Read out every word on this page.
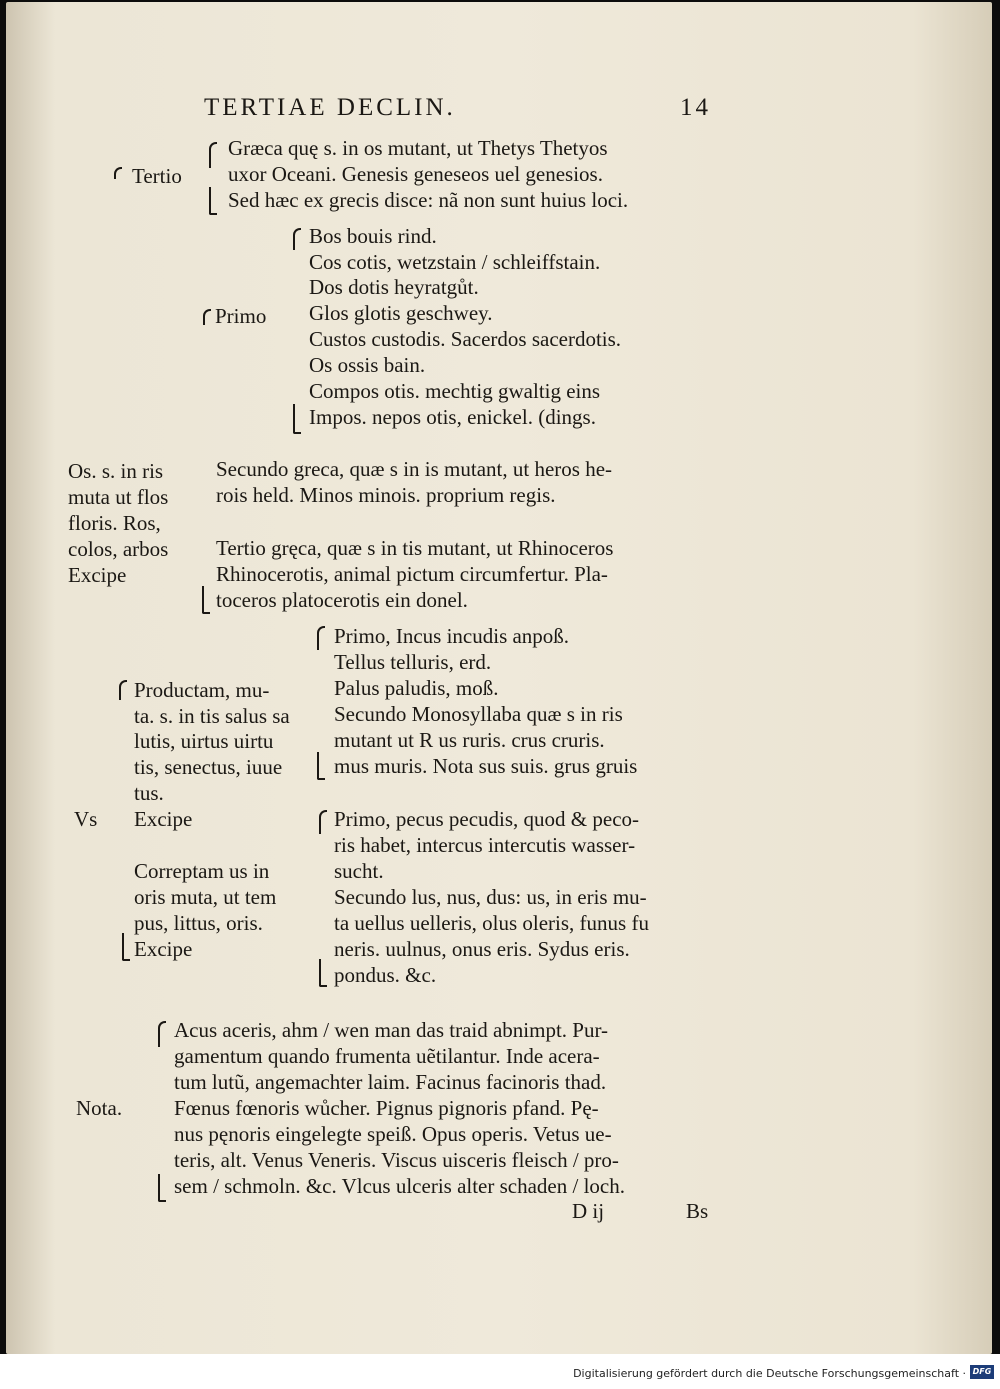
TERTIAE DECLIN.	14
Tertio
Græca quę s. in os mutant, ut Thetys Thetyos
uxor Oceani. Genesis geneseos uel genesios.
Sed hæc ex grecis disce: nã non sunt huius loci.
Primo
Bos bouis rind.
Cos cotis, wetzstain / schleiffstain.
Dos dotis heyratgůt.
Glos glotis geschwey.
Custos custodis. Sacerdos sacerdotis.
Os ossis bain.
Compos otis. mechtig gwaltig eins
Impos. nepos otis, enickel. (dings.
Os. s. in ris
muta ut flos
floris. Ros,
colos, arbos
Excipe
Secundo greca, quæ s in is mutant, ut heros he-
rois held. Minos minois. proprium regis.
Tertio gręca, quæ s in tis mutant, ut Rhinoceros
Rhinocerotis, animal pictum circumfertur. Pla-
toceros platocerotis ein donel.
Productam, mu-
ta. s. in tis salus sa
lutis, uirtus uirtu
tis, senectus, iuue
tus.
Vs Excipe
Correptam us in
oris muta, ut tem
pus, littus, oris.
Excipe
Primo, Incus incudis anpoß.
Tellus telluris, erd.
Palus paludis, moß.
Secundo Monosyllaba quæ s in ris
mutant ut R us ruris. crus cruris.
mus muris. Nota sus suis. grus gruis
Primo, pecus pecudis, quod & peco-
ris habet, intercus intercutis wasser-
sucht.
Secundo lus, nus, dus: us, in eris mu-
ta uellus uelleris, olus oleris, funus fu
neris. uulnus, onus eris. Sydus eris.
pondus. &c.
Nota.
Acus aceris, ahm / wen man das traid abnimpt. Pur-
gamentum quando frumenta uẽtilantur. Inde acera-
tum lutũ, angemachter laim. Facinus facinoris thad.
Fœnus fœnoris wůcher. Pignus pignoris pfand. Pę-
nus pęnoris eingelegte speiß. Opus operis. Vetus ue-
teris, alt. Venus Veneris. Viscus uisceris fleisch / pro-
sem / schmoln. &c. Vlcus ulceris alter schaden / loch.
D ij	Bs
Digitalisierung gefördert durch die Deutsche Forschungsgemeinschaft · DFG
